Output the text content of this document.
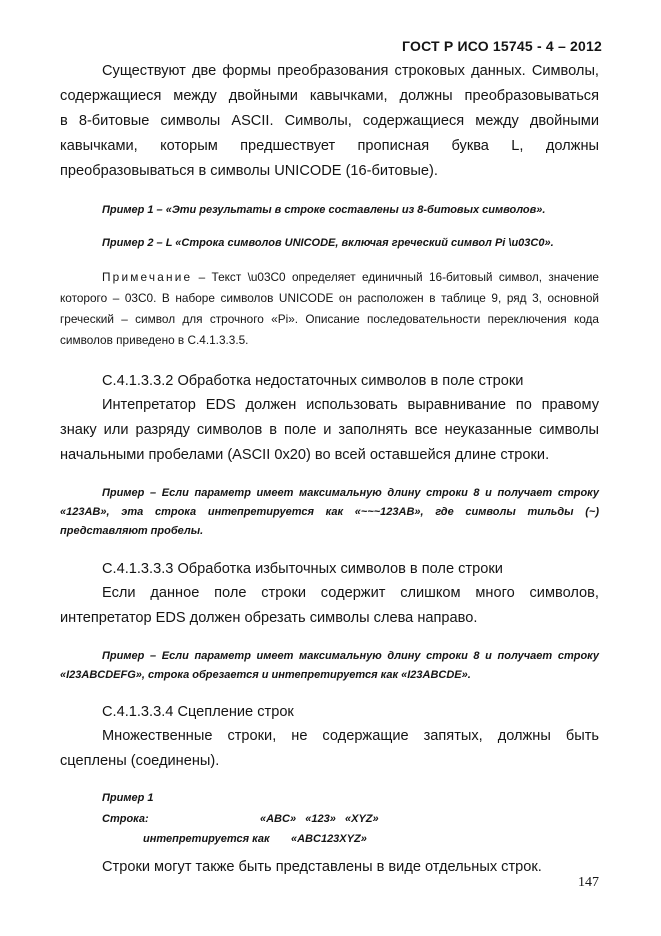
ГОСТ Р ИСО 15745 - 4 – 2012
Существуют две формы преобразования строковых данных. Символы,
содержащиеся между двойными кавычками, должны преобразовываться
в 8-битовые символы ASCII. Символы, содержащиеся между двойными
кавычками, которым предшествует прописная буква L, должны
преобразовываться в символы UNICODE (16-битовые).
Пример 1 – «Эти результаты в строке составлены из 8-битовых символов».
Пример 2 – L «Строка символов UNICODE, включая греческий символ Pi \u03C0».
Примечание – Текст \u03C0 определяет единичный 16-битовый символ, значение
которого – 03C0. В наборе символов UNICODE он расположен в таблице 9, ряд 3, основной
греческий – символ для строчного «Pi». Описание последовательности переключения кода
символов приведено в С.4.1.3.3.5.
С.4.1.3.3.2 Обработка недостаточных символов в поле строки
Интепретатор EDS должен использовать выравнивание по правому
знаку или разряду символов в поле и заполнять все неуказанные символы
начальными пробелами (ASCII 0x20) во всей оставшейся длине строки.
Пример – Если параметр имеет максимальную длину строки 8 и получает строку
«123AB», эта строка интепретируется как «~~~123AB», где символы тильды (~)
представляют пробелы.
С.4.1.3.3.3 Обработка избыточных символов в поле строки
Если данное поле строки содержит слишком много символов,
интепретатор EDS должен обрезать символы слева направо.
Пример – Если параметр имеет максимальную длину строки 8 и получает строку
«I23ABCDEFG», строка обрезается и интепретируется как «I23ABCDE».
С.4.1.3.3.4 Сцепление строк
Множественные строки, не содержащие запятых, должны быть
сцеплены (соединены).
Пример 1
Строка:	«ABC»   «123»   «XYZ»
интепретируется как «ABC123XYZ»
Строки могут также быть представлены в виде отдельных строк.
147
